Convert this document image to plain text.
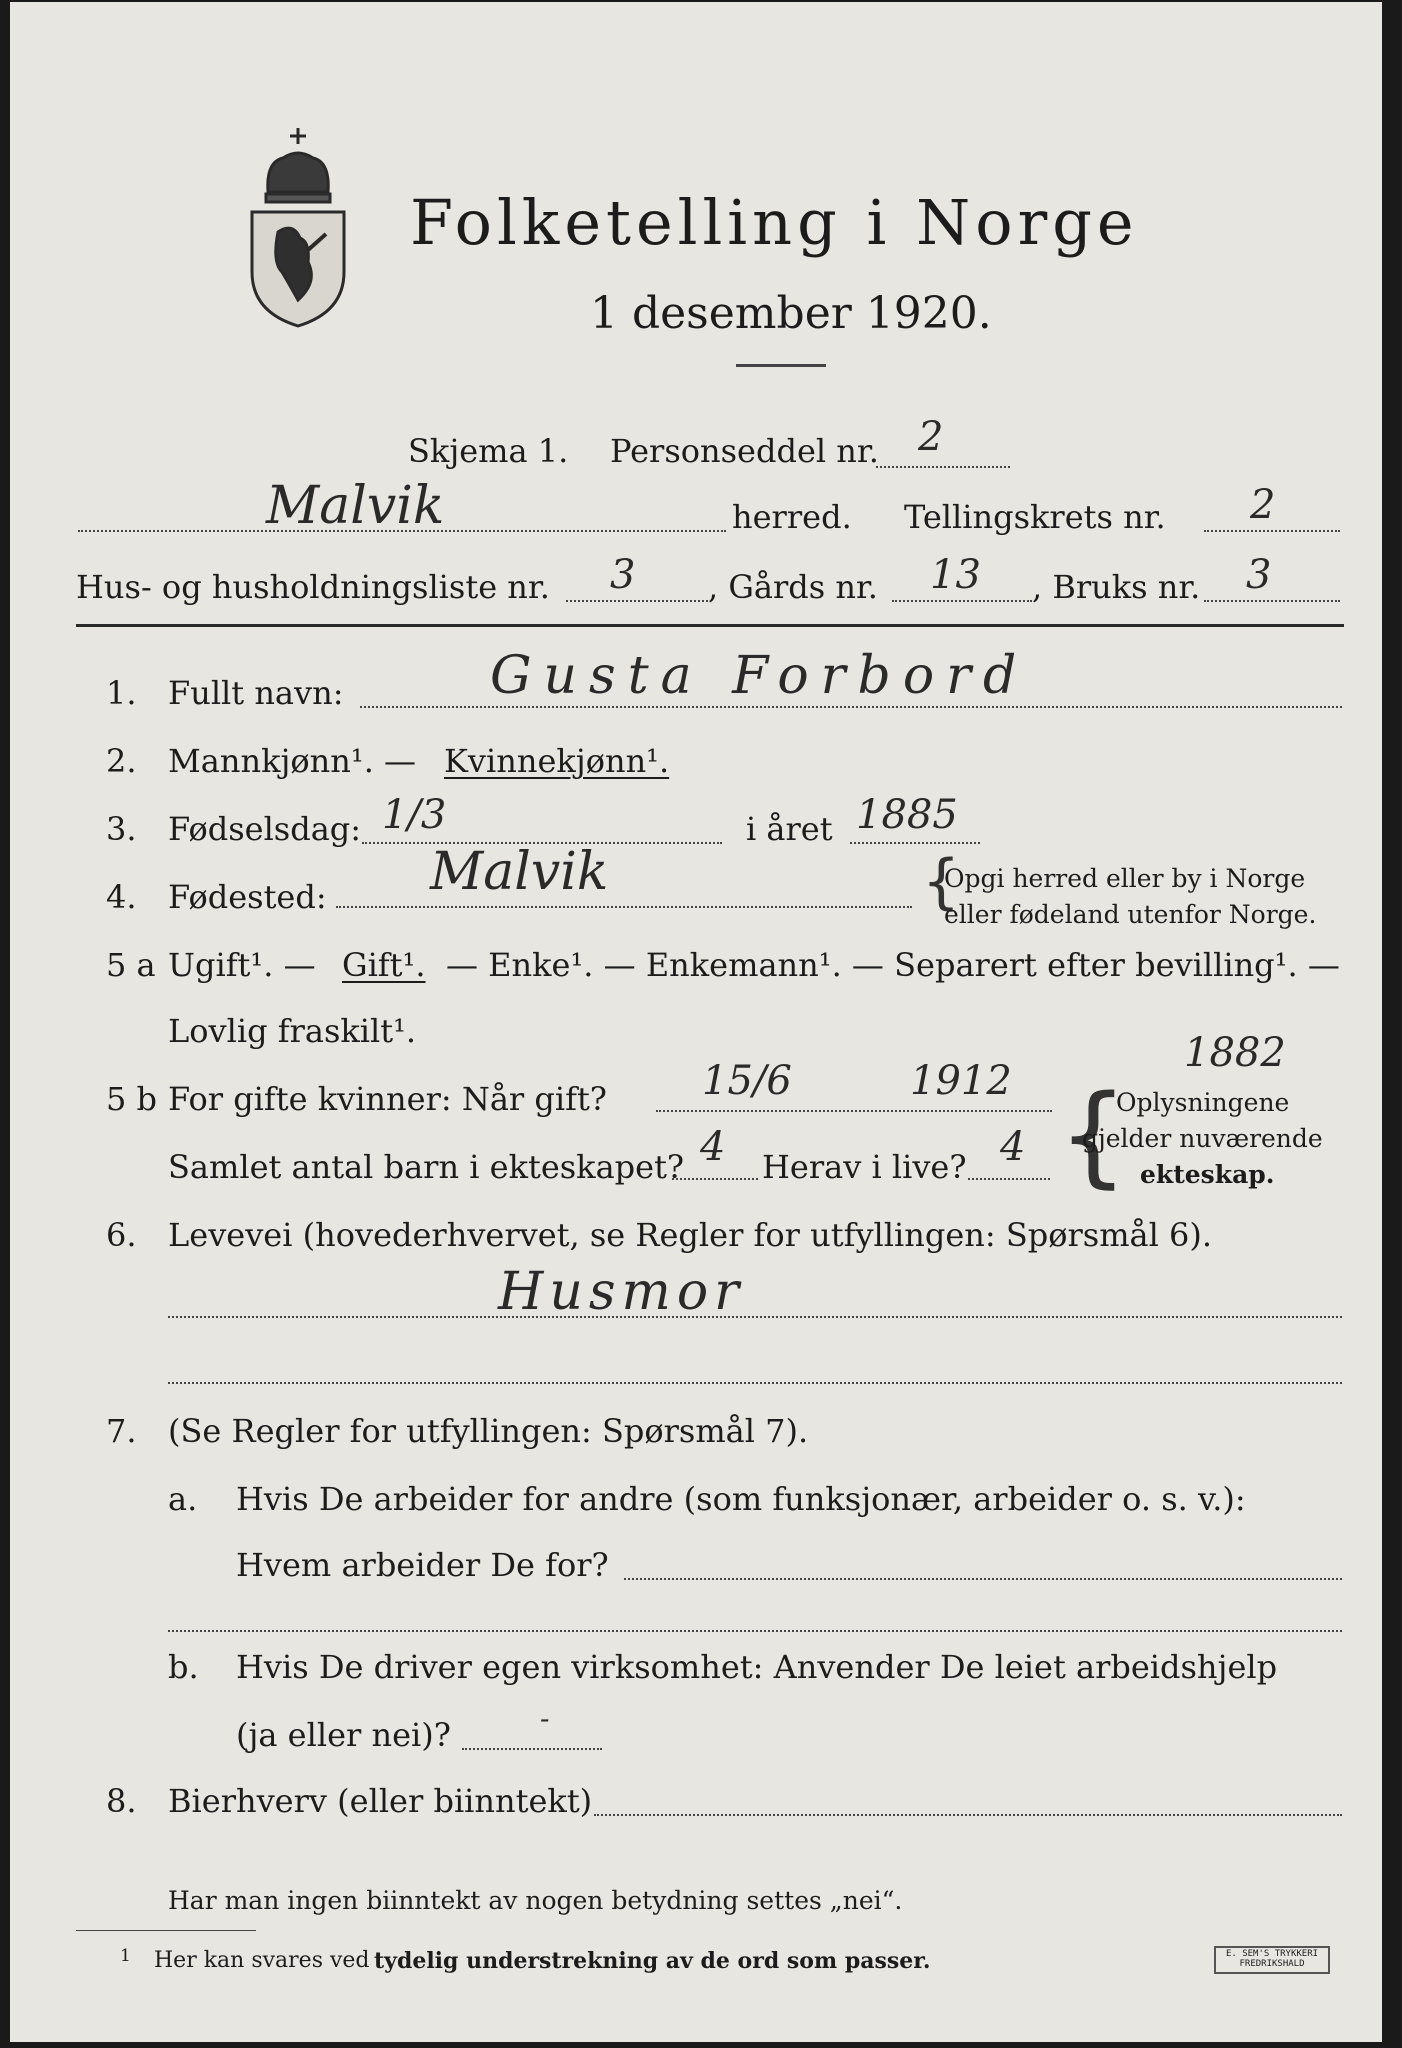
Folketelling i Norge
1 desember 1920.
Skjema 1. Personseddel nr. 2
Malvik	herred. Tellingskrets nr. 2
Hus- og husholdningsliste nr. 3 , Gårds nr. 13 , Bruks nr. 3
1. Fullt navn:	Gusta Forbord
2. Mannkjønn¹. — Kvinnekjønn¹.
3. Fødselsdag: 1/3	i året 1885
4. Fødested: Malvik	{
Opgi herred eller by i Norge
eller fødeland utenfor Norge.
5 a Ugift¹. — Gift¹. — Enke¹. — Enkemann¹. — Separert efter bevilling¹. —
Lovlig fraskilt¹.	1882
5 b For gifte kvinner: Når gift? 15/6	1912
Samlet antal barn i ekteskapet? 4 Herav i live? 4 {
Oplysningene
gjelder nuværende
ekteskap.
6. Levevei (hovederhvervet, se Regler for utfyllingen: Spørsmål 6).
Husmor
7. (Se Regler for utfyllingen: Spørsmål 7).
a. Hvis De arbeider for andre (som funksjonær, arbeider o. s. v.):
Hvem arbeider De for?
b. Hvis De driver egen virksomhet: Anvender De leiet arbeidshjelp
(ja eller nei)?	-
8. Bierhverv (eller biinntekt)
Har man ingen biinntekt av nogen betydning settes „nei“.
1 Her kan svares ved tydelig understrekning av de ord som passer.	E. SEM'S TRYKKERI FREDRIKSHALD
